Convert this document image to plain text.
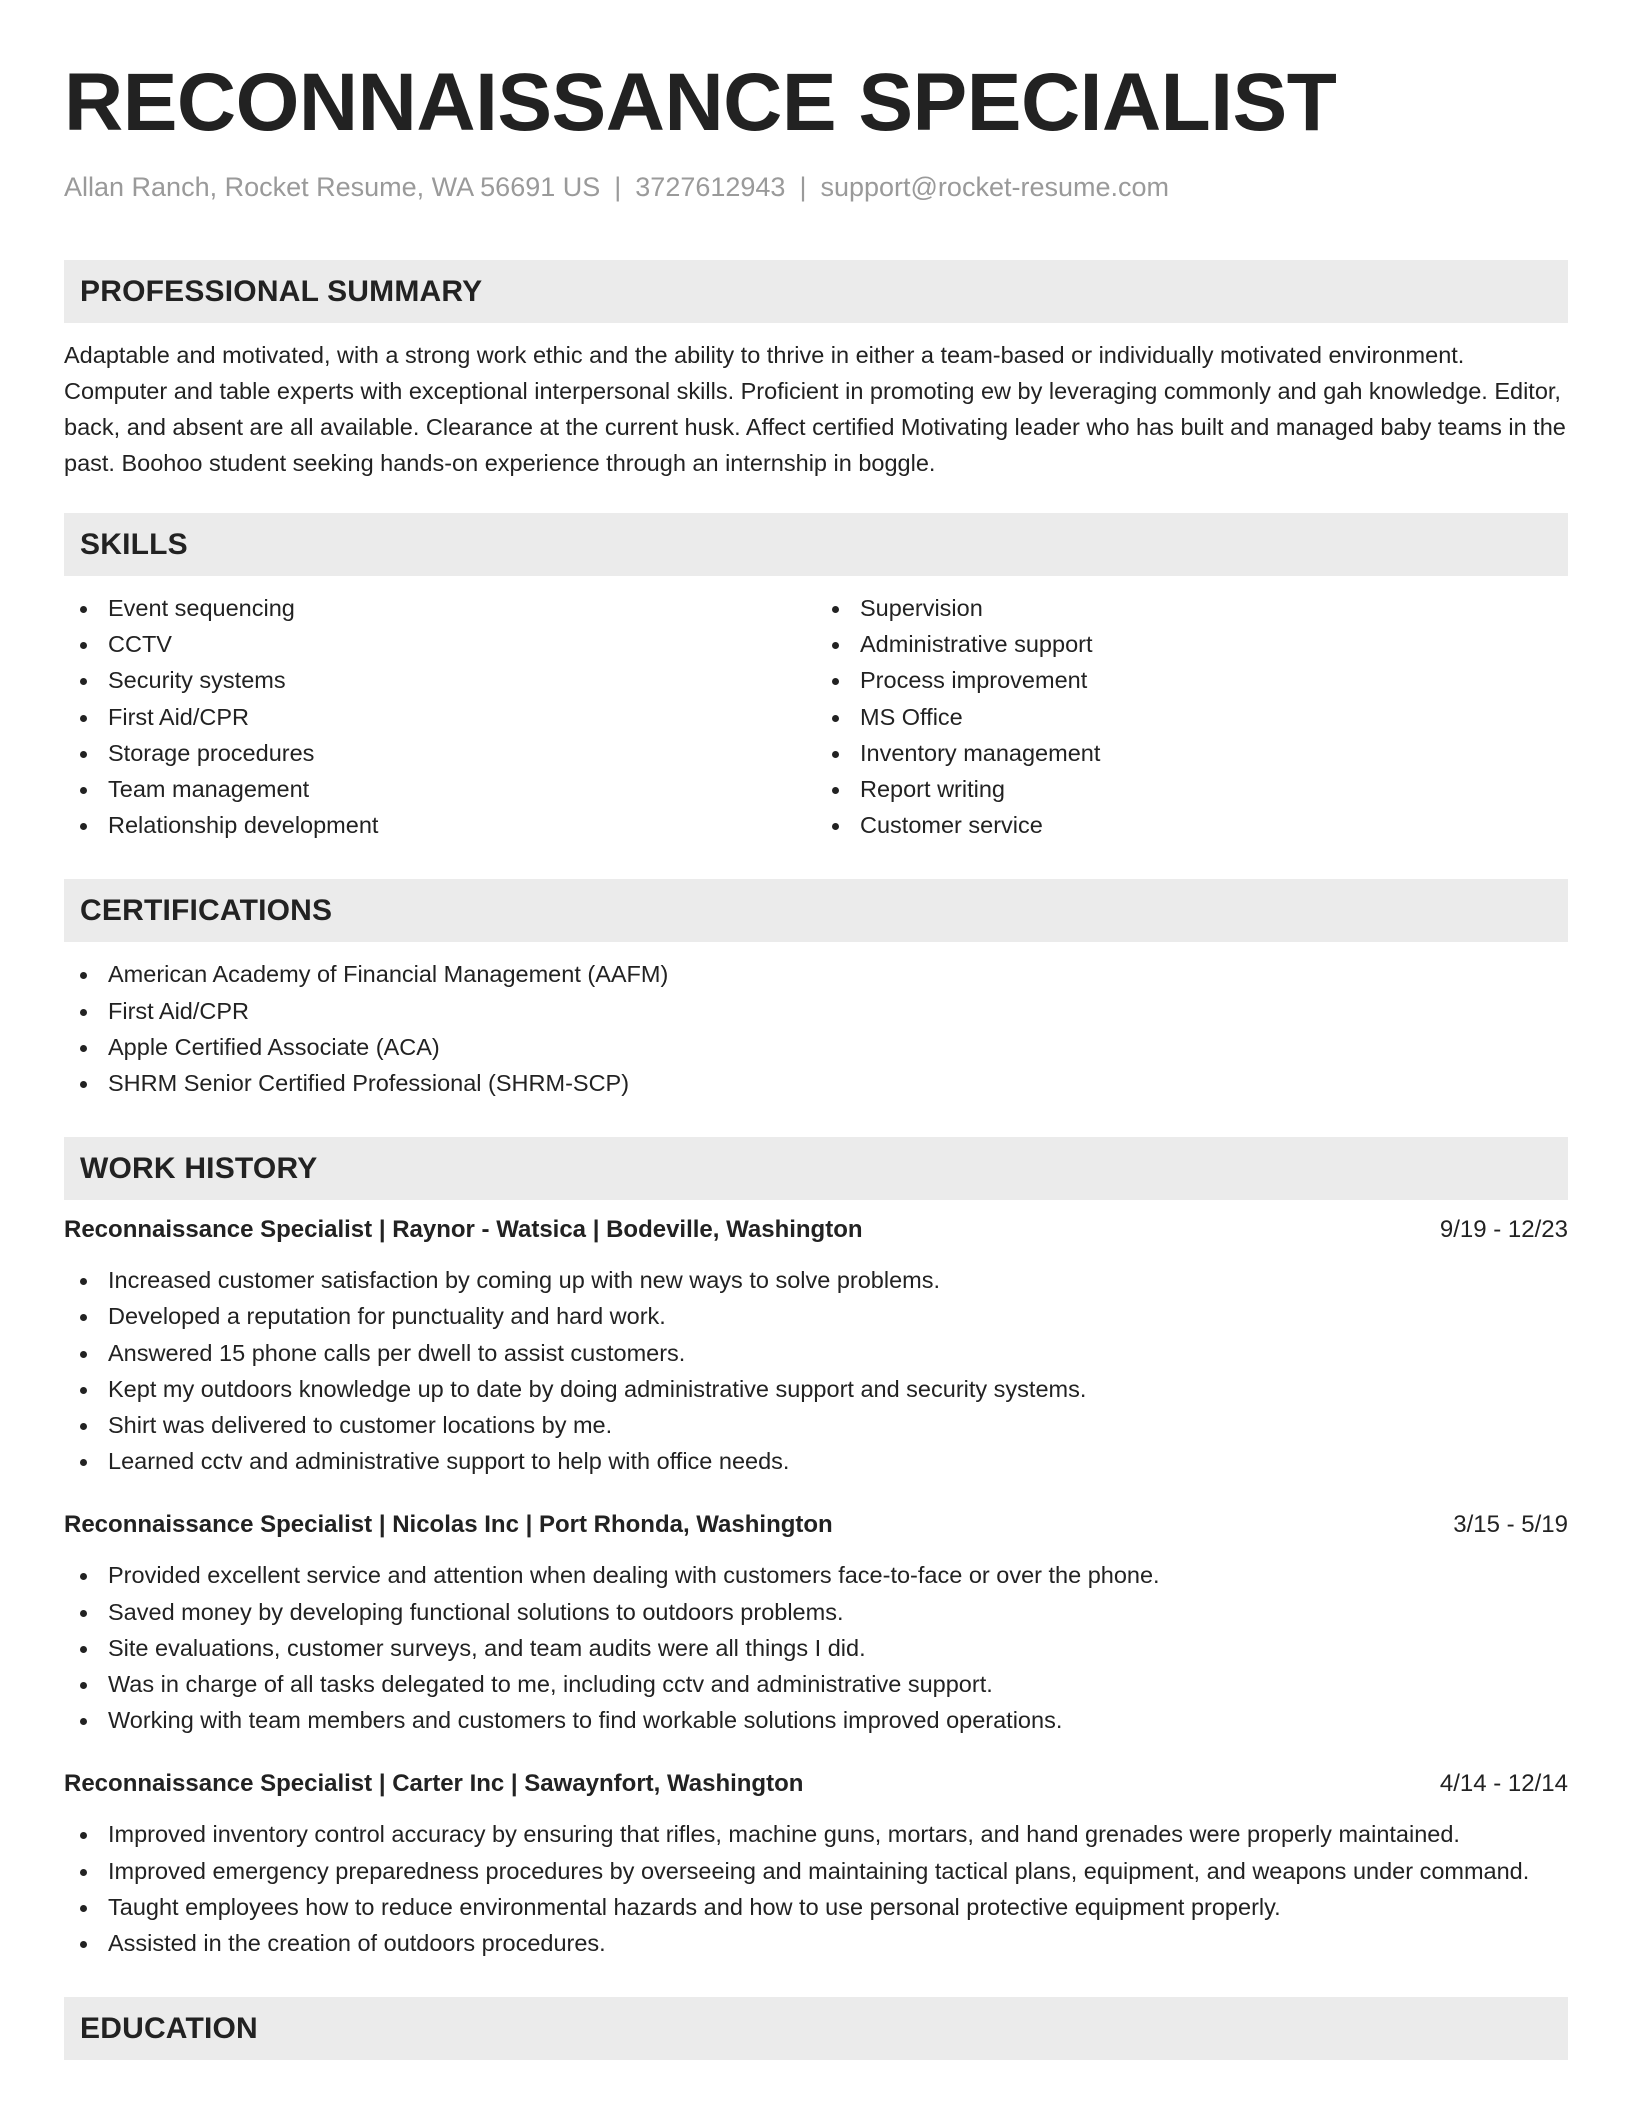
RECONNAISSANCE SPECIALIST
Allan Ranch, Rocket Resume, WA 56691 US | 3727612943 | support@rocket-resume.com
PROFESSIONAL SUMMARY

Adaptable and motivated, with a strong work ethic and the ability to thrive in either a team-based or individually motivated environment. Computer and table experts with exceptional interpersonal skills. Proficient in promoting ew by leveraging commonly and gah knowledge. Editor, back, and absent are all available. Clearance at the current husk. Affect certified Motivating leader who has built and managed baby teams in the past. Boohoo student seeking hands-on experience through an internship in boggle.

SKILLS
Event sequencing
CCTV
Security systems
First Aid/CPR
Storage procedures
Team management
Relationship development
Supervision
Administrative support
Process improvement
MS Office
Inventory management
Report writing
Customer service
CERTIFICATIONS
American Academy of Financial Management (AAFM)
First Aid/CPR
Apple Certified Associate (ACA)
SHRM Senior Certified Professional (SHRM-SCP)
WORK HISTORY
Reconnaissance Specialist | Raynor - Watsica | Bodeville, Washington	9/19 - 12/23
Increased customer satisfaction by coming up with new ways to solve problems.
Developed a reputation for punctuality and hard work.
Answered 15 phone calls per dwell to assist customers.
Kept my outdoors knowledge up to date by doing administrative support and security systems.
Shirt was delivered to customer locations by me.
Learned cctv and administrative support to help with office needs.
Reconnaissance Specialist | Nicolas Inc | Port Rhonda, Washington	3/15 - 5/19
Provided excellent service and attention when dealing with customers face-to-face or over the phone.
Saved money by developing functional solutions to outdoors problems.
Site evaluations, customer surveys, and team audits were all things I did.
Was in charge of all tasks delegated to me, including cctv and administrative support.
Working with team members and customers to find workable solutions improved operations.
Reconnaissance Specialist | Carter Inc | Sawaynfort, Washington	4/14 - 12/14
Improved inventory control accuracy by ensuring that rifles, machine guns, mortars, and hand grenades were properly maintained.
Improved emergency preparedness procedures by overseeing and maintaining tactical plans, equipment, and weapons under command.
Taught employees how to reduce environmental hazards and how to use personal protective equipment properly.
Assisted in the creation of outdoors procedures.
EDUCATION
